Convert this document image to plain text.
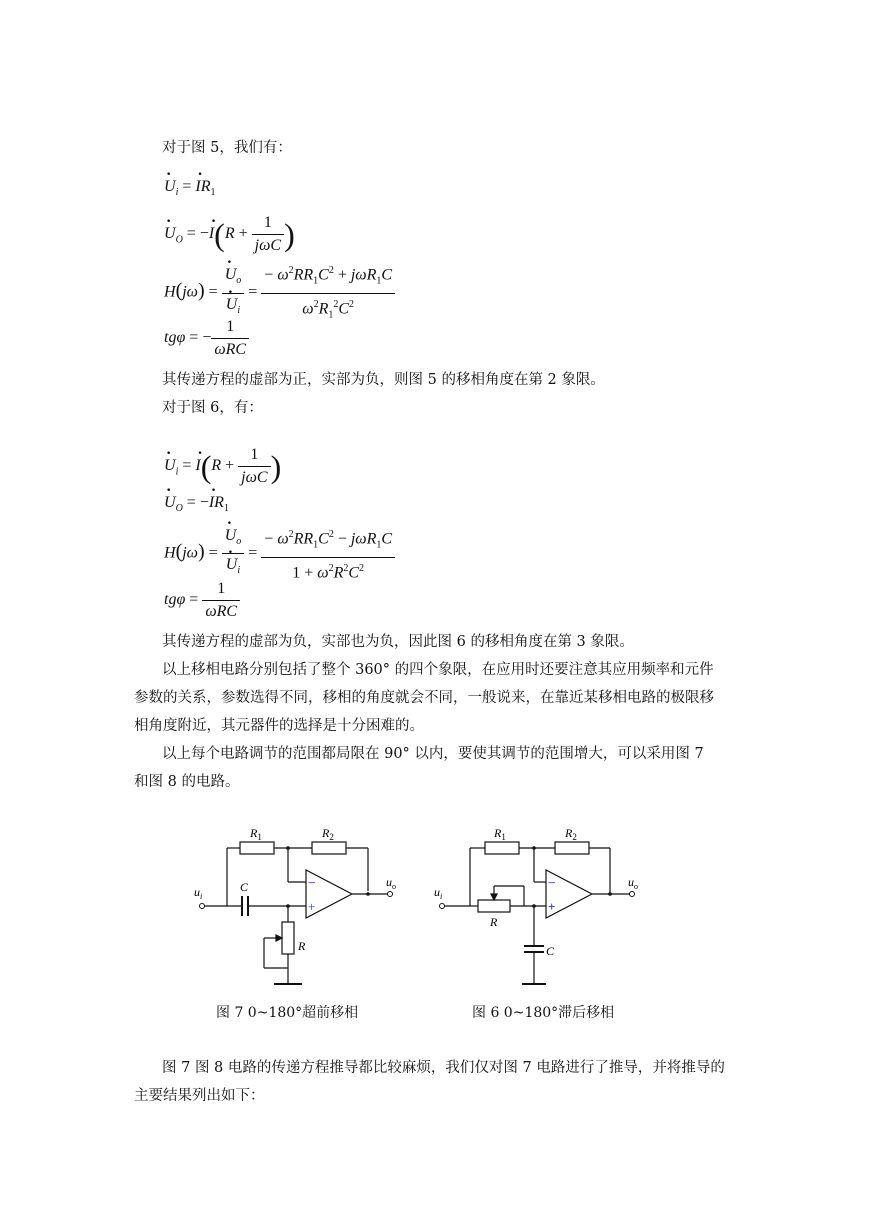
对于图 5，我们有：
· $U_i$ = · $IR_1$
· $U_O$ = −· $I(R + \frac{1}{\text{jωC}}$ )
H(jω) = · $U_o$
· $U_i = \frac{- \omega^2RR_1C^2 + j\omega R_1C}{\omega^2R_1^2C^2}$
tgφ = − $\frac{1}{\text{ωRC}}$
其传递方程的虚部为正，实部为负，则图 5 的移相角度在第 2 象限。
对于图 6，有：
· $U_i$ = · $I(R + \frac{1}{\text{jωC}}$ )
· $U_O$ = −· $IR_1$
H(jω) = · $U_o$
· $U_i = \frac{- \omega^2RR_1C^2 - j\omega R_1C}{1 + \omega^2R^2C^2}$
$tg\varphi = \frac{1}{\text{ωRC}}$
其传递方程的虚部为负，实部也为负，因此图 6 的移相角度在第 3 象限。
以上移相电路分别包括了整个 360° 的四个象限，在应用时还要注意其应用频率和元件
参数的关系，参数选得不同，移相的角度就会不同，一般说来，在靠近某移相电路的极限移
相角度附近，其元器件的选择是十分困难的。
以上每个电路调节的范围都局限在 90° 以内，要使其调节的范围增大，可以采用图 7
和图 8 的电路。
$R_1$	$R_2$
C
R
$u_i$
$u_o$
−
+
$R_1$	$R_2$
R
C
$u_i$
$u_o$
−
+
图 7 0~180°超前移相	图 6 0~180°滞后移相
图 7 图 8 电路的传递方程推导都比较麻烦，我们仅对图 7 电路进行了推导，并将推导的
主要结果列出如下：
